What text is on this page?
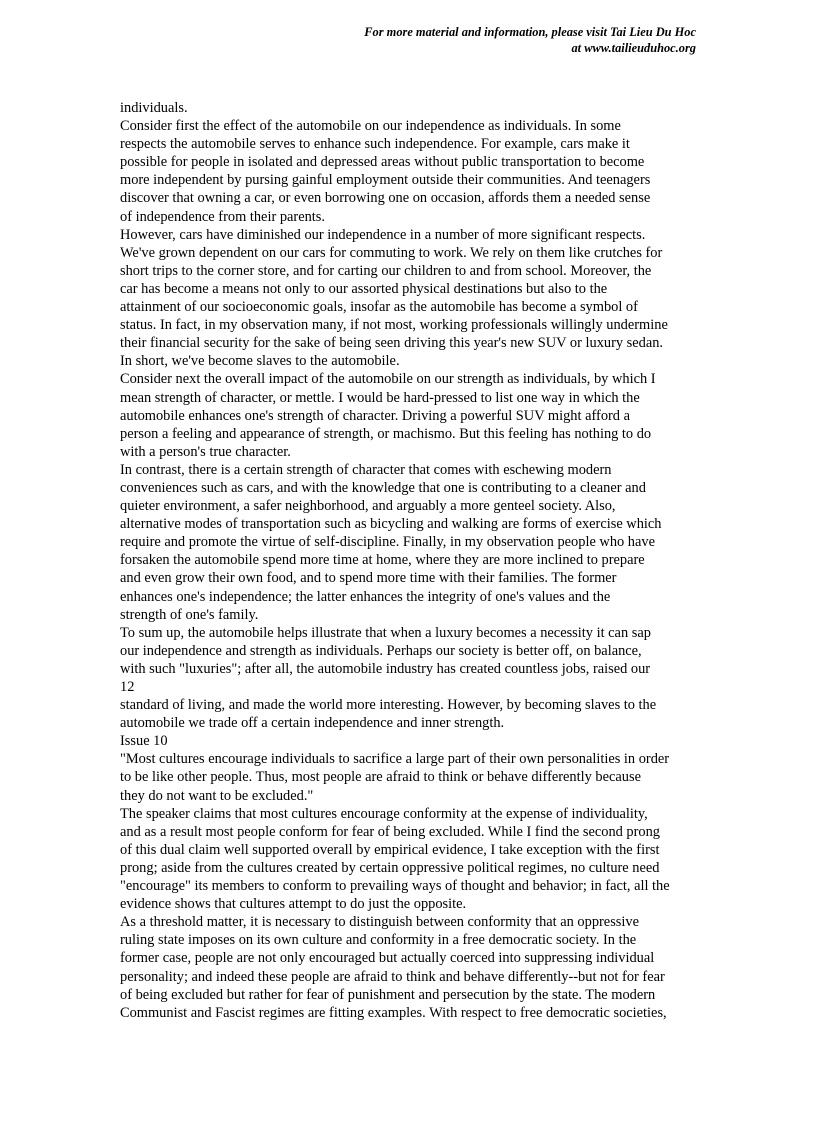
For more material and information, please visit Tai Lieu Du Hoc
at www.tailieuduhoc.org
individuals.
Consider first the effect of the automobile on our independence as individuals. In some
respects the automobile serves to enhance such independence. For example, cars make it
possible for people in isolated and depressed areas without public transportation to become
more independent by pursing gainful employment outside their communities. And teenagers
discover that owning a car, or even borrowing one on occasion, affords them a needed sense
of independence from their parents.
However, cars have diminished our independence in a number of more significant respects.
We've grown dependent on our cars for commuting to work. We rely on them like crutches for
short trips to the corner store, and for carting our children to and from school. Moreover, the
car has become a means not only to our assorted physical destinations but also to the
attainment of our socioeconomic goals, insofar as the automobile has become a symbol of
status. In fact, in my observation many, if not most, working professionals willingly undermine
their financial security for the sake of being seen driving this year's new SUV or luxury sedan.
In short, we've become slaves to the automobile.
Consider next the overall impact of the automobile on our strength as individuals, by which I
mean strength of character, or mettle. I would be hard-pressed to list one way in which the
automobile enhances one's strength of character. Driving a powerful SUV might afford a
person a feeling and appearance of strength, or machismo. But this feeling has nothing to do
with a person's true character.
In contrast, there is a certain strength of character that comes with eschewing modern
conveniences such as cars, and with the knowledge that one is contributing to a cleaner and
quieter environment, a safer neighborhood, and arguably a more genteel society. Also,
alternative modes of transportation such as bicycling and walking are forms of exercise which
require and promote the virtue of self-discipline. Finally, in my observation people who have
forsaken the automobile spend more time at home, where they are more inclined to prepare
and even grow their own food, and to spend more time with their families. The former
enhances one's independence; the latter enhances the integrity of one's values and the
strength of one's family.
To sum up, the automobile helps illustrate that when a luxury becomes a necessity it can sap
our independence and strength as individuals. Perhaps our society is better off, on balance,
with such "luxuries"; after all, the automobile industry has created countless jobs, raised our
12
standard of living, and made the world more interesting. However, by becoming slaves to the
automobile we trade off a certain independence and inner strength.
Issue 10
"Most cultures encourage individuals to sacrifice a large part of their own personalities in order
to be like other people. Thus, most people are afraid to think or behave differently because
they do not want to be excluded."
The speaker claims that most cultures encourage conformity at the expense of individuality,
and as a result most people conform for fear of being excluded. While I find the second prong
of this dual claim well supported overall by empirical evidence, I take exception with the first
prong; aside from the cultures created by certain oppressive political regimes, no culture need
"encourage" its members to conform to prevailing ways of thought and behavior; in fact, all the
evidence shows that cultures attempt to do just the opposite.
As a threshold matter, it is necessary to distinguish between conformity that an oppressive
ruling state imposes on its own culture and conformity in a free democratic society. In the
former case, people are not only encouraged but actually coerced into suppressing individual
personality; and indeed these people are afraid to think and behave differently--but not for fear
of being excluded but rather for fear of punishment and persecution by the state. The modern
Communist and Fascist regimes are fitting examples. With respect to free democratic societies,
